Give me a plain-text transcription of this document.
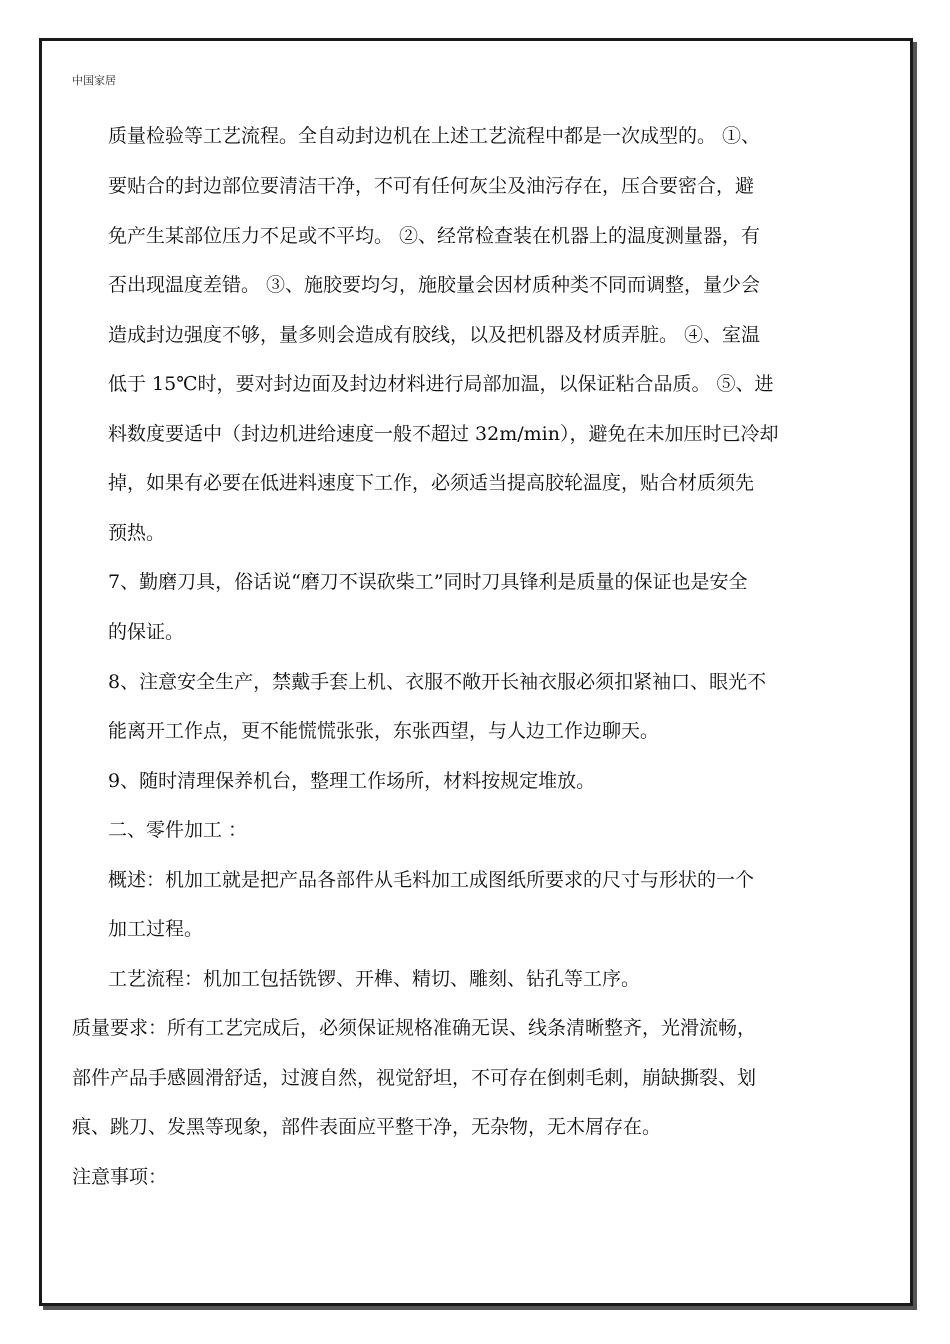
中国家居
质量检验等工艺流程。全自动封边机在上述工艺流程中都是一次成型的。 ①、
要贴合的封边部位要清洁干净，不可有任何灰尘及油污存在，压合要密合，避
免产生某部位压力不足或不平均。 ②、经常检查装在机器上的温度测量器，有
否出现温度差错。 ③、施胶要均匀，施胶量会因材质种类不同而调整，量少会
造成封边强度不够，量多则会造成有胶线，以及把机器及材质弄脏。 ④、室温
低于 15℃时，要对封边面及封边材料进行局部加温，以保证粘合品质。 ⑤、进
料数度要适中（封边机进给速度一般不超过 32m/min），避免在未加压时已冷却
掉，如果有必要在低进料速度下工作，必须适当提高胶轮温度，贴合材质须先
预热。
7、勤磨刀具，俗话说“磨刀不误砍柴工”同时刀具锋利是质量的保证也是安全
的保证。
8、注意安全生产，禁戴手套上机、衣服不敞开长袖衣服必须扣紧袖口、眼光不
能离开工作点，更不能慌慌张张，东张西望，与人边工作边聊天。
9、随时清理保养机台，整理工作场所，材料按规定堆放。
二、零件加工 ：
概述：机加工就是把产品各部件从毛料加工成图纸所要求的尺寸与形状的一个
加工过程。
工艺流程：机加工包括铣锣、开榫、精切、雕刻、钻孔等工序。
质量要求：所有工艺完成后，必须保证规格准确无误、线条清晰整齐，光滑流畅，
部件产品手感圆滑舒适，过渡自然，视觉舒坦，不可存在倒刺毛刺，崩缺撕裂、划
痕、跳刀、发黑等现象，部件表面应平整干净，无杂物，无木屑存在。
注意事项：
